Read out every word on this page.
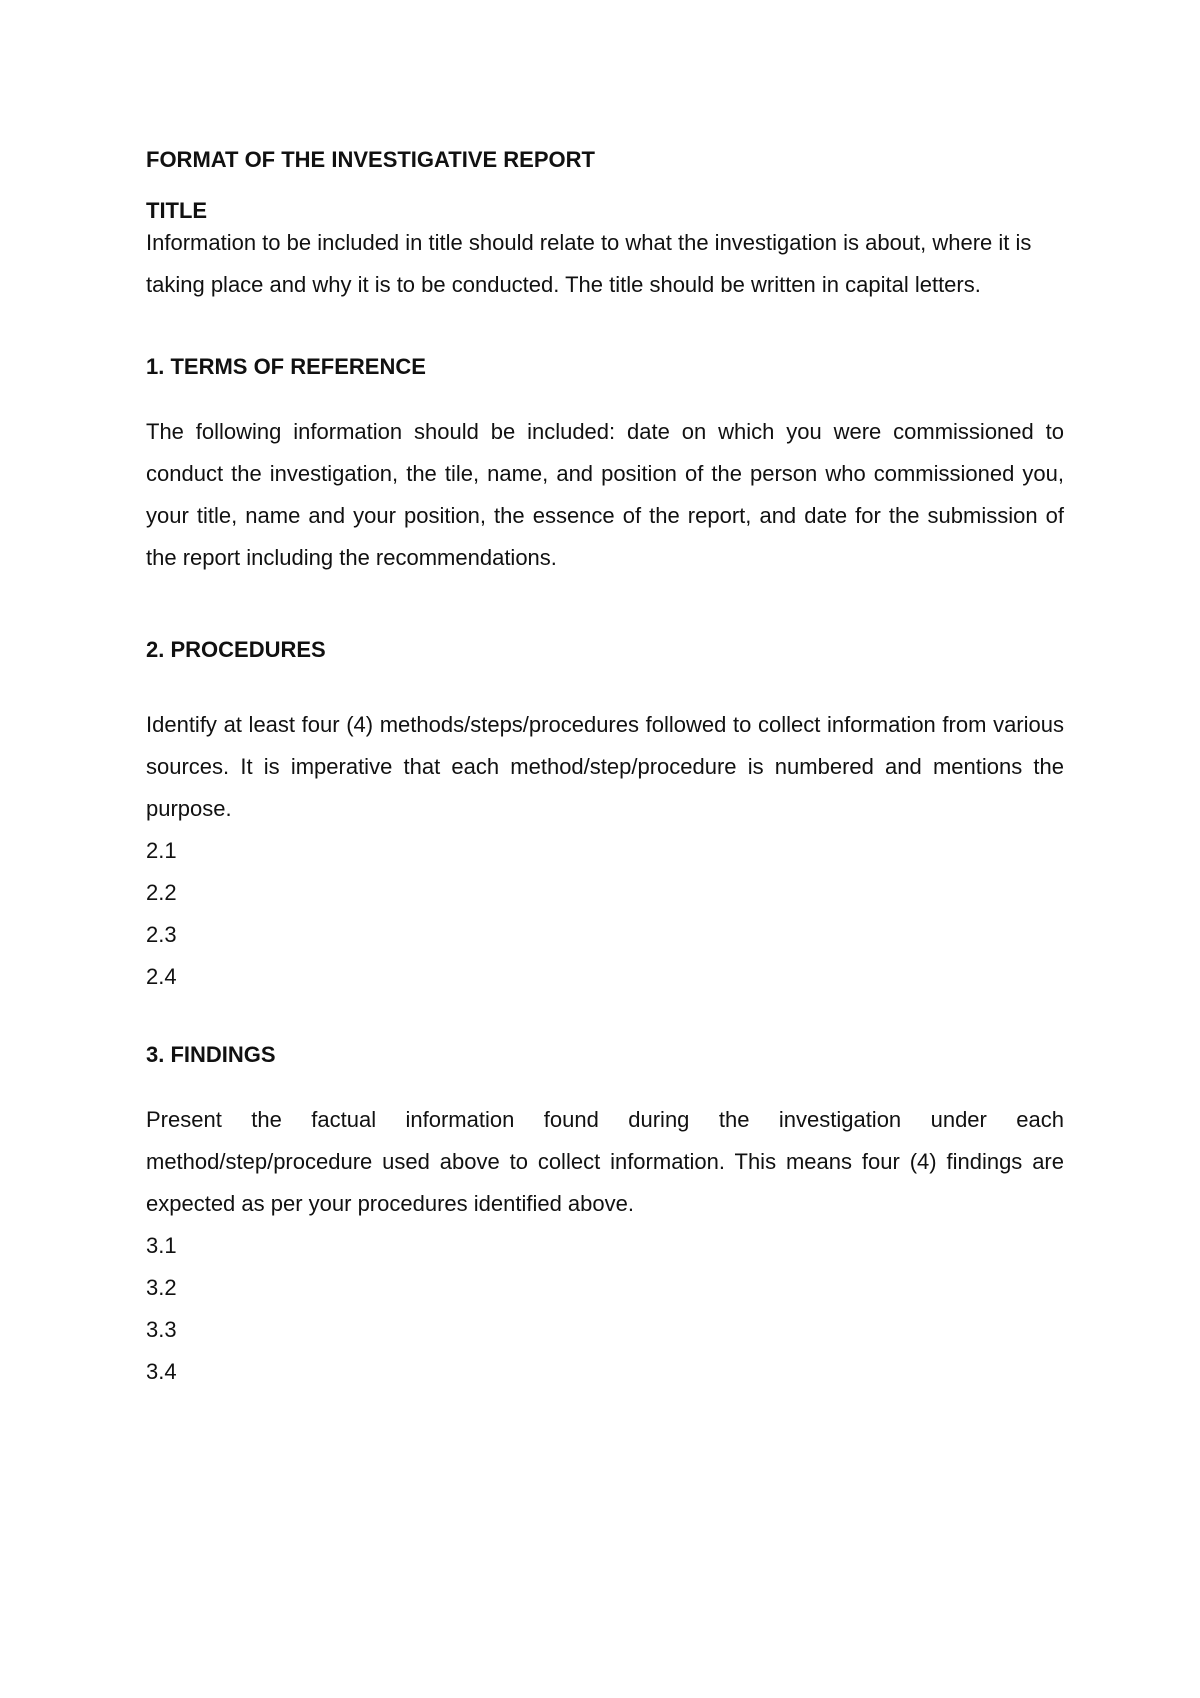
FORMAT OF THE INVESTIGATIVE REPORT
TITLE

Information to be included in title should relate to what the investigation is about, where it is taking place and why it is to be conducted. The title should be written in capital letters.

1. TERMS OF REFERENCE

The following information should be included: date on which you were commissioned to conduct the investigation, the tile, name, and position of the person who commissioned you, your title, name and your position, the essence of the report, and date for the submission of the report including the recommendations.

2. PROCEDURES

Identify at least four (4) methods/steps/procedures followed to collect information from various sources. It is imperative that each method/step/procedure is numbered and mentions the purpose.

2.1
2.2
2.3
2.4
3. FINDINGS

Present the factual information found during the investigation under each method/step/procedure used above to collect information. This means four (4) findings are expected as per your procedures identified above.

3.1
3.2
3.3
3.4
